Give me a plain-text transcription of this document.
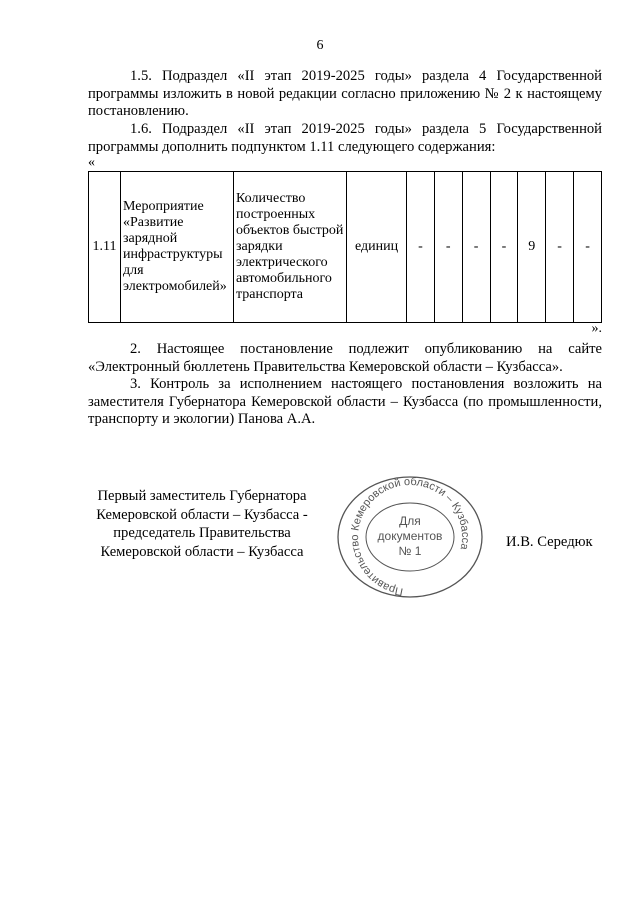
6

1.5. Подраздел «II этап 2019-2025 годы» раздела 4 Государственной программы изложить в новой редакции согласно приложению № 2 к настоящему постановлению.

1.6. Подраздел «II этап 2019-2025 годы» раздела 5 Государственной программы дополнить подпунктом 1.11 следующего содержания:

«
1.11	Мероприятие «Развитие зарядной инфраструктуры для электромобилей»	Количество построенных объектов быстрой зарядки электрического автомобильного транспорта	единиц	-	-	-	-	9	-	-
».

2. Настоящее постановление подлежит опубликованию на сайте «Электронный бюллетень Правительства Кемеровской области – Кузбасса».

3. Контроль за исполнением настоящего постановления возложить на заместителя Губернатора Кемеровской области – Кузбасса (по промышленности, транспорту и экологии) Панова А.А.

Первый заместитель Губернатора Кемеровской области – Кузбасса - председатель Правительства Кемеровской области – Кузбасса
Правительство Кемеровской области – Кузбасса
Для
документов
№ 1
И.В. Середюк
